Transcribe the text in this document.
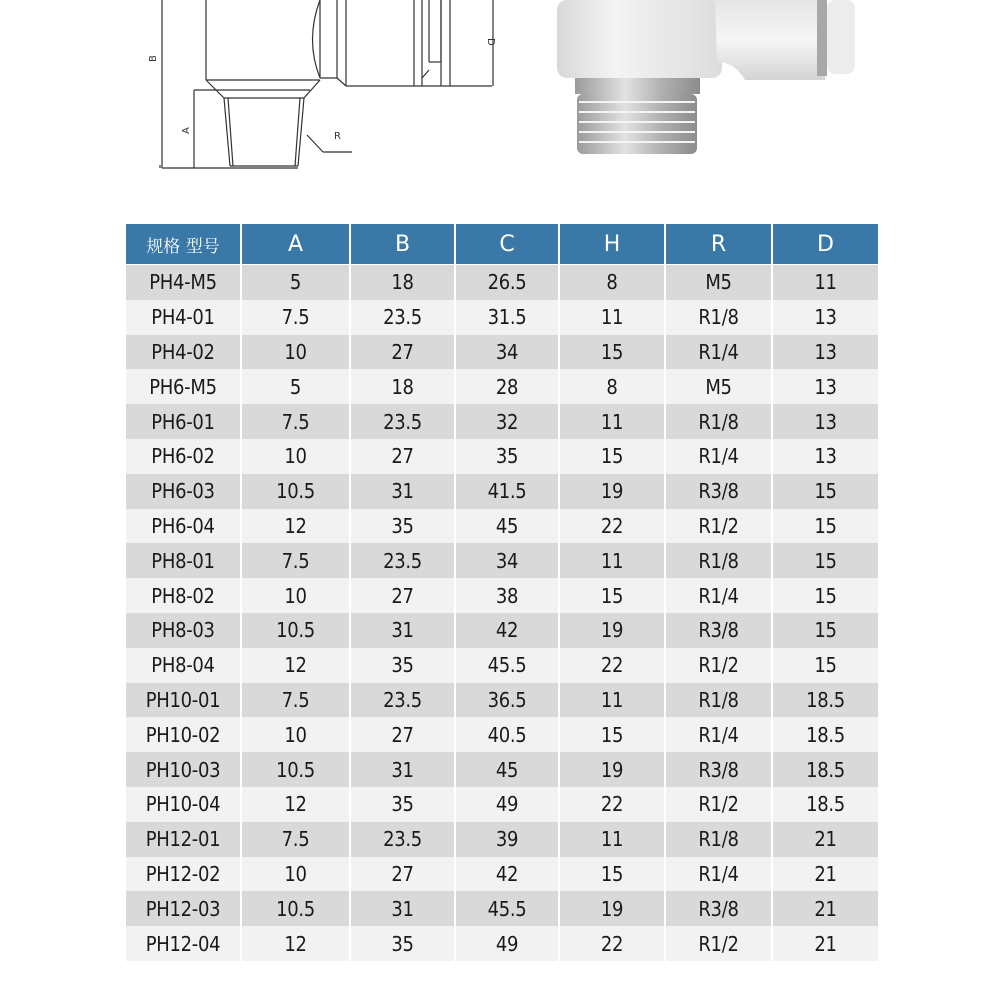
B
A
R
D
规格 型号	A	B	C	H	R	D
PH4-M5	5	18	26.5	8	M5	11
PH4-01	7.5	23.5	31.5	11	R1/8	13
PH4-02	10	27	34	15	R1/4	13
PH6-M5	5	18	28	8	M5	13
PH6-01	7.5	23.5	32	11	R1/8	13
PH6-02	10	27	35	15	R1/4	13
PH6-03	10.5	31	41.5	19	R3/8	15
PH6-04	12	35	45	22	R1/2	15
PH8-01	7.5	23.5	34	11	R1/8	15
PH8-02	10	27	38	15	R1/4	15
PH8-03	10.5	31	42	19	R3/8	15
PH8-04	12	35	45.5	22	R1/2	15
PH10-01	7.5	23.5	36.5	11	R1/8	18.5
PH10-02	10	27	40.5	15	R1/4	18.5
PH10-03	10.5	31	45	19	R3/8	18.5
PH10-04	12	35	49	22	R1/2	18.5
PH12-01	7.5	23.5	39	11	R1/8	21
PH12-02	10	27	42	15	R1/4	21
PH12-03	10.5	31	45.5	19	R3/8	21
PH12-04	12	35	49	22	R1/2	21
